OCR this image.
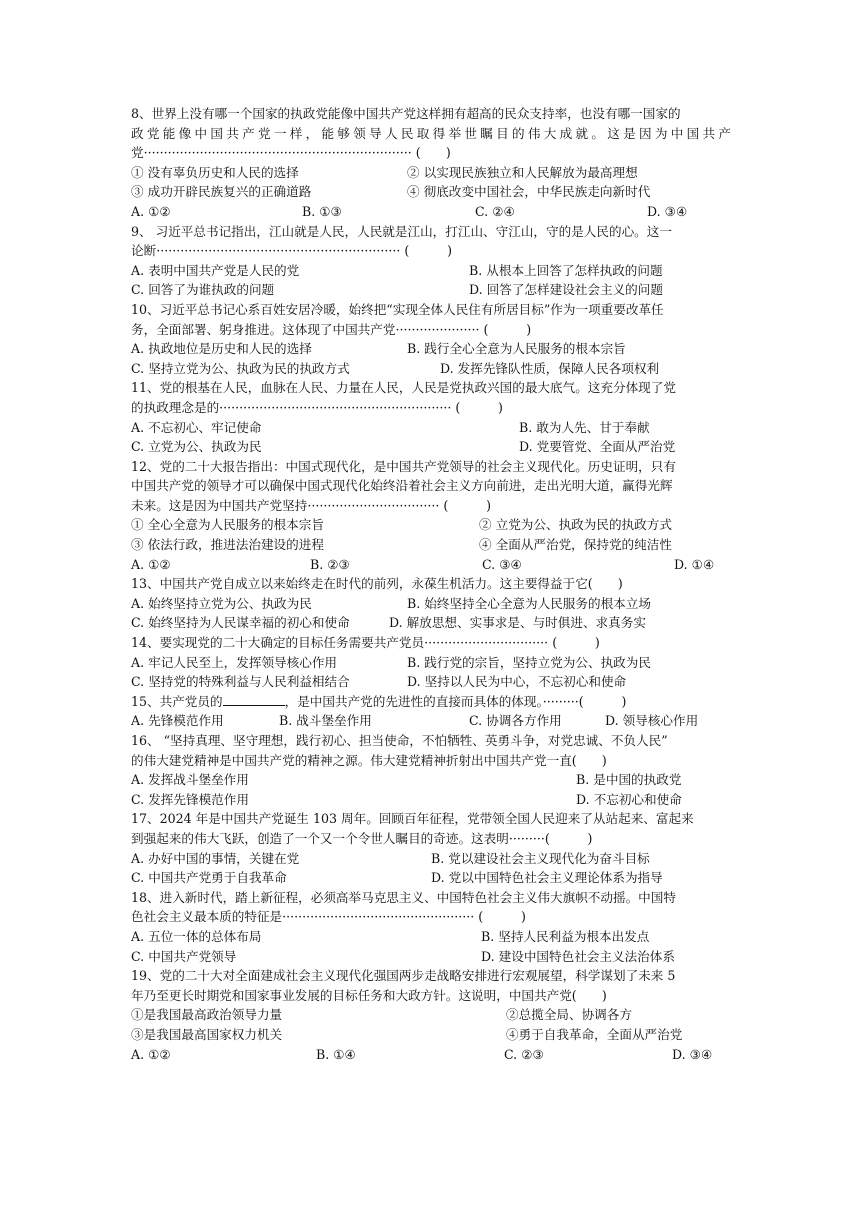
8、世界上没有哪一个国家的执政党能像中国共产党这样拥有超高的民众支持率，也没有哪一国家的
政党能像中国共产党一样，能够领导人民取得举世瞩目的伟大成就。这是因为中国共产
党··································································· (　　)
① 没有辜负历史和人民的选择	② 以实现民族独立和人民解放为最高理想
③ 成功开辟民族复兴的正确道路	④ 彻底改变中国社会，中华民族走向新时代
A. ①②	B. ①③	C. ②④	D. ③④
9、 习近平总书记指出，江山就是人民，人民就是江山，打江山、守江山，守的是人民的心。这一
论断····························································· (　　　)
A. 表明中国共产党是人民的党	B. 从根本上回答了怎样执政的问题
C. 回答了为谁执政的问题	D. 回答了怎样建设社会主义的问题
10、习近平总书记心系百姓安居冷暖，始终把“实现全体人民住有所居目标”作为一项重要改革任
务，全面部署、躬身推进。这体现了中国共产党····················· (　　　)
A. 执政地位是历史和人民的选择	B. 践行全心全意为人民服务的根本宗旨
C. 坚持立党为公、执政为民的执政方式	D. 发挥先锋队性质，保障人民各项权利
11、党的根基在人民，血脉在人民、力量在人民，人民是党执政兴国的最大底气。这充分体现了党
的执政理念是的·························································· (　　　)
A. 不忘初心、牢记使命	B. 敢为人先、甘于奉献
C. 立党为公、执政为民	D. 党要管党、全面从严治党
12、党的二十大报告指出：中国式现代化，是中国共产党领导的社会主义现代化。历史证明，只有
中国共产党的领导才可以确保中国式现代化始终沿着社会主义方向前进，走出光明大道，赢得光辉
未来。这是因为中国共产党坚持································· (　　　)
① 全心全意为人民服务的根本宗旨	② 立党为公、执政为民的执政方式
③ 依法行政，推进法治建设的进程	④ 全面从严治党，保持党的纯洁性
A. ①②	B. ②③	C. ③④	D. ①④
13、中国共产党自成立以来始终走在时代的前列，永葆生机活力。这主要得益于它(　　)
A. 始终坚持立党为公、执政为民	B. 始终坚持全心全意为人民服务的根本立场
C. 始终坚持为人民谋幸福的初心和使命	D. 解放思想、实事求是、与时俱进、求真务实
14、要实现党的二十大确定的目标任务需要共产党员······························· (　　　)
A. 牢记人民至上，发挥领导核心作用	B. 践行党的宗旨，坚持立党为公、执政为民
C. 坚持党的特殊利益与人民利益相结合	D. 坚持以人民为中心，不忘初心和使命
15、共产党员的	，是中国共产党的先进性的直接而具体的体现。·········(　　　)
A. 先锋模范作用	B. 战斗堡垒作用	C. 协调各方作用	D. 领导核心作用
16、 “坚持真理、坚守理想，践行初心、担当使命，不怕牺牲、英勇斗争，对党忠诚、不负人民”
的伟大建党精神是中国共产党的精神之源。伟大建党精神折射出中国共产党一直(　　)
A. 发挥战斗堡垒作用	B. 是中国的执政党
C. 发挥先锋模范作用	D. 不忘初心和使命
17、2024 年是中国共产党诞生 103 周年。回顾百年征程，党带领全国人民迎来了从站起来、富起来
到强起来的伟大飞跃，创造了一个又一个令世人瞩目的奇迹。这表明·········(　　　)
A. 办好中国的事情，关键在党	B. 党以建设社会主义现代化为奋斗目标
C. 中国共产党勇于自我革命	D. 党以中国特色社会主义理论体系为指导
18、进入新时代，踏上新征程，必须高举马克思主义、中国特色社会主义伟大旗帜不动摇。中国特
色社会主义最本质的特征是················································ (　　　)
A. 五位一体的总体布局	B. 坚持人民利益为根本出发点
C. 中国共产党领导	D. 建设中国特色社会主义法治体系
19、党的二十大对全面建成社会主义现代化强国两步走战略安排进行宏观展望，科学谋划了未来 5
年乃至更长时期党和国家事业发展的目标任务和大政方针。这说明，中国共产党(　　)
①是我国最高政治领导力量	②总揽全局、协调各方
③是我国最高国家权力机关	④勇于自我革命，全面从严治党
A. ①②	B. ①④	C. ②③	D. ③④
